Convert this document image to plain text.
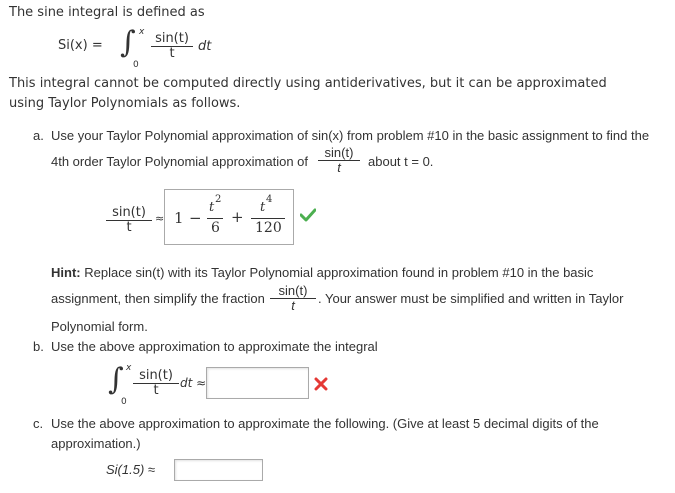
The sine integral is defined as
Si(x) = ∫ x
0
sin(t)
t	dt
This integral cannot be computed directly using antiderivatives, but it can be approximated
using Taylor Polynomials as follows.
a. Use your Taylor Polynomial approximation of sin(x) from problem #10 in the basic assignment to find the
4th order Taylor Polynomial approximation of
sin(t)
t	about t = 0.
sin(t)
t
≈ 1 −
t
2
6
+
t
4
120
Hint: Replace sin(t) with its Taylor Polynomial approximation found in problem #10 in the basic
assignment, then simplify the fraction
sin(t)
t	. Your answer must be simplified and written in Taylor
Polynomial form.
b. Use the above approximation to approximate the integral
∫ x
0
sin(t)
t	dt ≈
c. Use the above approximation to approximate the following. (Give at least 5 decimal digits of the
approximation.)
Si(1.5) ≈
